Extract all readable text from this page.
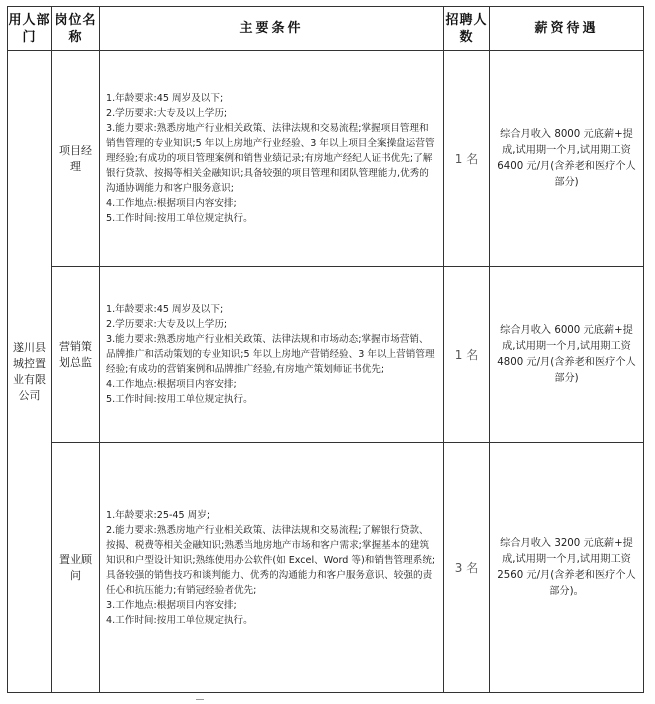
用人部门	岗位名称	主要条件	招聘人数	薪资待遇
遂川县城控置业有限公司	项目经理	1.年龄要求:45 周岁及以下;
2.学历要求:大专及以上学历;
3.能力要求:熟悉房地产行业相关政策、法律法规和交易流程;掌握项目管理和销售管理的专业知识;5 年以上房地产行业经验、3 年以上项目全案操盘运营管理经验;有成功的项目管理案例和销售业绩记录;有房地产经纪人证书优先;了解银行贷款、按揭等相关金融知识;具备较强的项目管理和团队管理能力,优秀的沟通协调能力和客户服务意识;
4.工作地点:根据项目内容安排;
5.工作时间:按用工单位规定执行。	1 名	综合月收入 8000 元底薪+提成,试用期一个月,试用期工资 6400 元/月(含养老和医疗个人部分)
	营销策划总监	1.年龄要求:45 周岁及以下;
2.学历要求:大专及以上学历;
3.能力要求:熟悉房地产行业相关政策、法律法规和市场动态;掌握市场营销、品牌推广和活动策划的专业知识;5 年以上房地产营销经验、3 年以上营销管理经验;有成功的营销案例和品牌推广经验,有房地产策划师证书优先;
4.工作地点:根据项目内容安排;
5.工作时间:按用工单位规定执行。	1 名	综合月收入 6000 元底薪+提成,试用期一个月,试用期工资 4800 元/月(含养老和医疗个人部分)
	置业顾问	1.年龄要求:25-45 周岁;
2.能力要求:熟悉房地产行业相关政策、法律法规和交易流程;了解银行贷款、按揭、税费等相关金融知识;熟悉当地房地产市场和客户需求;掌握基本的建筑知识和户型设计知识;熟练使用办公软件(如 Excel、Word 等)和销售管理系统;具备较强的销售技巧和谈判能力、优秀的沟通能力和客户服务意识、较强的责任心和抗压能力;有销冠经验者优先;
3.工作地点:根据项目内容安排;
4.工作时间:按用工单位规定执行。	3 名	综合月收入 3200 元底薪+提成,试用期一个月,试用期工资 2560 元/月(含养老和医疗个人部分)。
